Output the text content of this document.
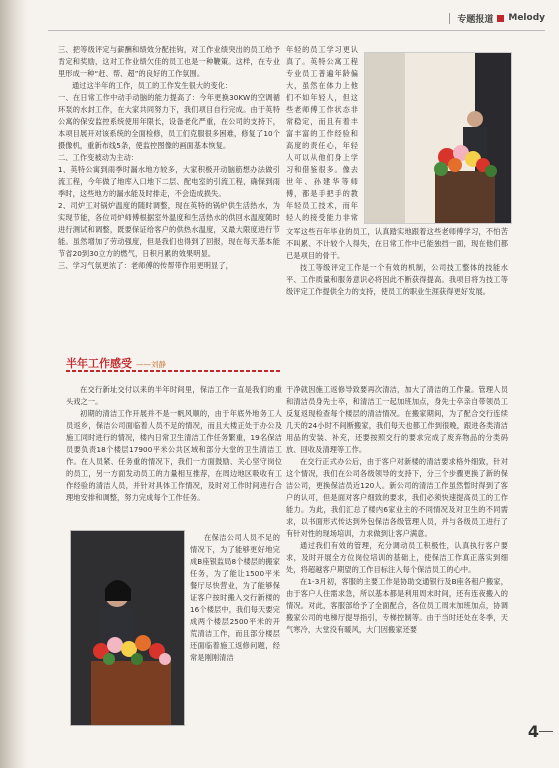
专题报道 Melody

三、把等级评定与薪酬和绩效分配挂钩，对工作业绩突出的员工给予肯定和奖励，这对工作业绩欠佳的员工也是一种鞭策。这样，在专业里形成一种“赶、帮、超”的良好的工作氛围。

通过这半年的工作，员工的工作发生很大的变化：

一、在日常工作中动手动脑的能力提高了：今年更换30KW的空调循环泵的水封工作，在大家共同努力下，我们项目自行完成。由于英特公寓的保安监控系统使用年限长，设备老化严重，在公司的支持下，本项目展开对该系统的全面检修，员工们克服很多困难，修复了10个摄像机，重新布线5条，使监控图像的画面基本恢复。

二、工作变被动为主动：

1、英特公寓到雨季时漏水地方较多，大家积极开动脑筋想办法做引流工程，今年做了地库入口地下二层、配电室的引流工程，确保到雨季时，这些地方的漏水能及时排走，不会造成损失。

2、司炉工对锅炉温度的随时调整，现在英特的锅炉供生活热水，为实现节能，各位司炉师傅根据室外温度和生活热水的供回水温度随时进行测试和调整，既要保证给客户的供热水温度，又最大限度进行节能。虽然增加了劳动强度，但是我们也得到了回报，现在每天基本能节省20到30立方的燃气，日积月累的效果明显。

三、学习气氛更浓了：老师傅的传帮带作用更明显了，

年轻的员工学习更认真了。英特公寓工程专业员工普遍年龄偏大，虽然在体力上他们不如年轻人，但这些老师傅工作状态非常稳定，而且有着丰富丰富的工作经验和高度的责任心，年轻人可以从他们身上学习和借鉴很多。像去世年、孙建华等师傅，都是手把手的教年轻员工技术，而年轻人的接受能力非常

文军这些百年毕业的员工，认真踏实地跟着这些老师傅学习，不怕苦不叫累、不计较个人得失，在日常工作中已能独挡一面，现在他们都已是项目的骨干。

技工等级评定工作是一个有效的机制，公司技工整体的技能水平、工作质量和服务意识必将因此不断获得提高。我项目将为技工等级评定工作提供全力的支持，使员工的职业生涯获得更好发展。

半年工作感受 ——刘静

在交行新址交付以来的半年时间里，保洁工作一直是我们的重头戏之一。

初期的清洁工作开展并不是一帆风顺的，由于年底外地务工人员返乡，保洁公司面临着人员不足的情况，而且大楼正处于办公及施工同时进行的情况，楼内日常卫生清洁工作任务繁重，19名保洁员要负责18个楼层17900平米公共区域和部分大堂的卫生清洁工作。在人员紧、任务重的情况下，我们一方面鼓励、关心坚守岗位的员工，另一方面发动员工的力量相互推荐，在周边地区吸收有工作经验的清洁人员，并针对具体工作情况，及时对工作时间进行合理地安排和调整，努力完成每个工作任务。

在保洁公司人员不足的情况下，为了能够更好地完成B座银监局8个楼层的搬家任务，为了能让1500平米餐厅尽快营业，为了能够保证客户按时搬入交行新楼的16个楼层中，我们每天要完成两个楼层2500平米的开荒清洁工作，而且部分楼层还面临着施工返修问题，经常是刚刚清洁

干净就因施工返修导致要再次清洁，加大了清洁的工作量。管理人员和清洁员身先士卒，和清洁工一起加班加点，身先士卒亲自带领员工反复返现检查每个楼层的清洁情况。在搬家期间，为了配合交行连续几天的24小时不间断搬家，我们每天也都工作到很晚，跟进各类清洁用品的安装、补充，还要按照交行的要求完成了废弃物品的分类码放、回收及清理等工作。

在交行正式办公后，由于客户对新楼的清洁要求格外细致，针对这个情况，我们在公司各级领导的支持下，分三个步骤更换了新的保洁公司，更换保洁员近120人。新公司的清洁工作虽然暂时得到了客户的认可，但是面对客户细致的要求，我们必须快速提高员工的工作能力。为此，我们汇总了楼内6家业主的不同情况及对卫生的不同需求，以书面形式传达到外包保洁各级管理人员，并与各级员工进行了有针对性的现场培训，力求做到让客户满意。

通过我们有效的管理，充分调动员工积极性，认真执行客户要求，及时开展全方位岗位培训的基础上，使保洁工作真正落实到细处，将超越客户期望的工作目标注入每个保洁员工的心中。

在1-3月初，客服的主要工作是协助交通银行及B座各租户搬家，由于客户人住需求急，所以基本都是利用周末时间，还有连夜搬入的情况。对此，客服部给予了全面配合，各位员工周末加班加点，协调搬家公司的电梯厅提导指引，专梯控制等。由于当时还处在冬季，天气寒冷，大堂没有暖风，大门因搬家还要

4
